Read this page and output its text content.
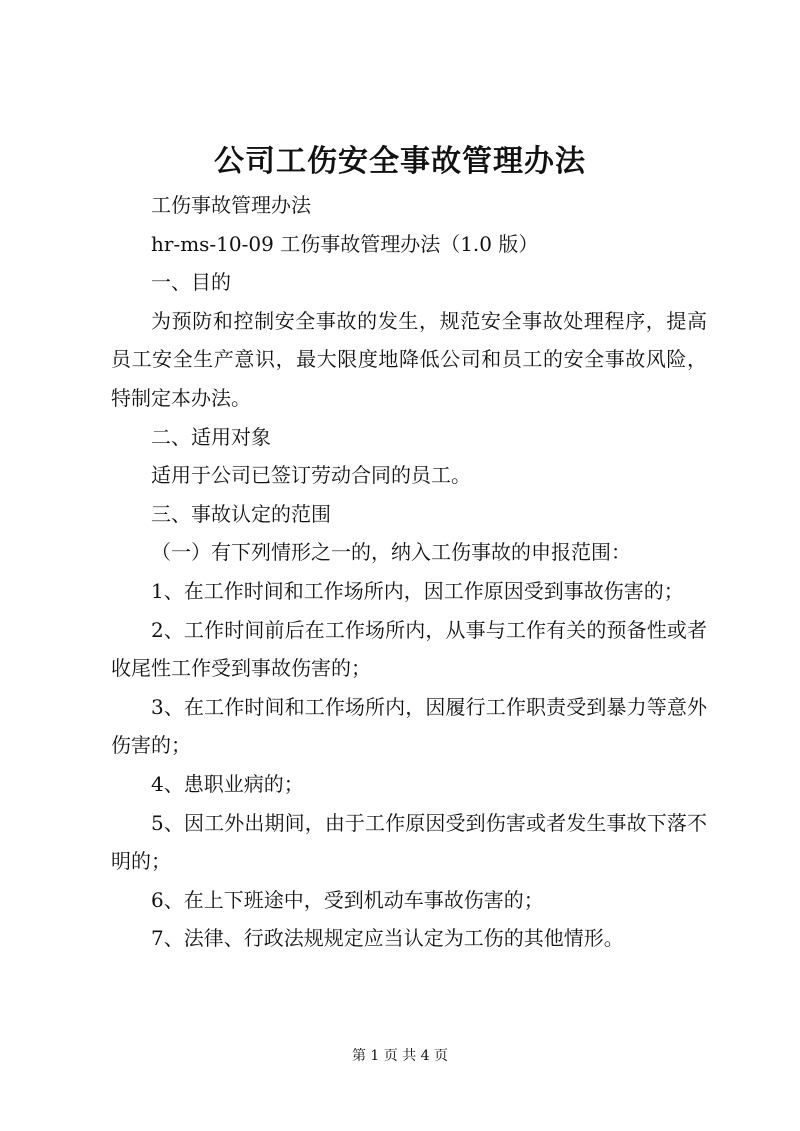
公司工伤安全事故管理办法

工伤事故管理办法

hr-ms-10-09 工伤事故管理办法（1.0 版）

一、目的

为预防和控制安全事故的发生，规范安全事故处理程序，提高员工安全生产意识，最大限度地降低公司和员工的安全事故风险，特制定本办法。

二、适用对象

适用于公司已签订劳动合同的员工。

三、事故认定的范围

（一）有下列情形之一的，纳入工伤事故的申报范围：

1、在工作时间和工作场所内，因工作原因受到事故伤害的；

2、工作时间前后在工作场所内，从事与工作有关的预备性或者收尾性工作受到事故伤害的；

3、在工作时间和工作场所内，因履行工作职责受到暴力等意外伤害的；

4、患职业病的；

5、因工外出期间，由于工作原因受到伤害或者发生事故下落不明的；

6、在上下班途中，受到机动车事故伤害的；

7、法律、行政法规规定应当认定为工伤的其他情形。

第 1 页 共 4 页
